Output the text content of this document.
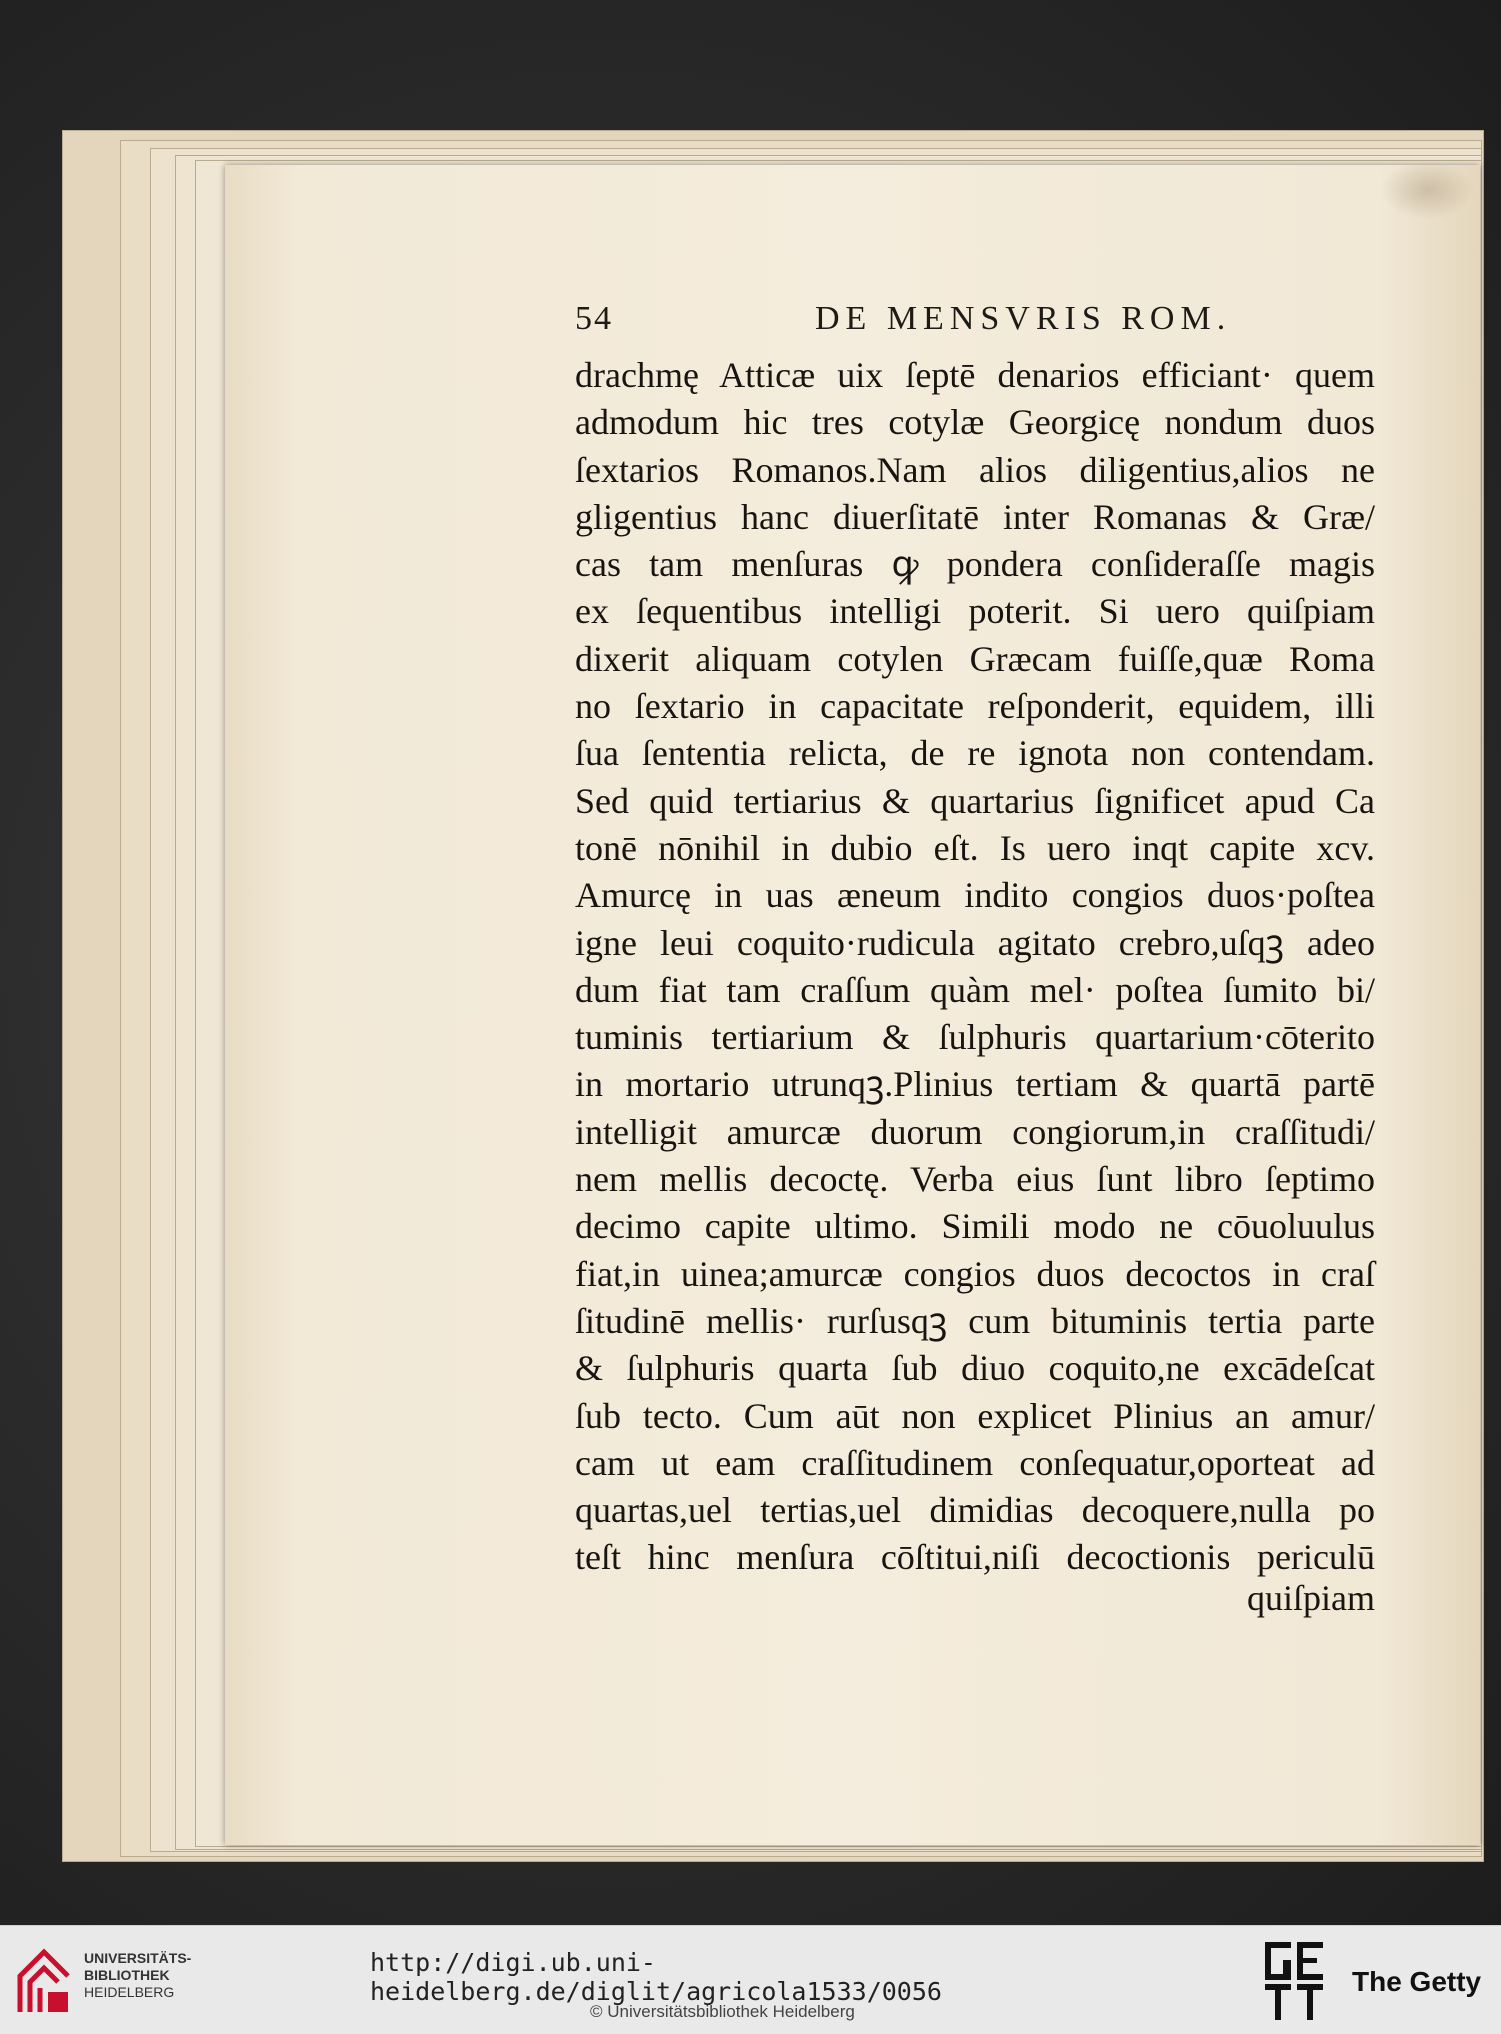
54	DE MENSVRIS ROM.
drachmę Atticæ uix ſeptē denarios efficiant· quem
admodum hic tres cotylæ Georgicę nondum duos
ſextarios Romanos.Nam alios diligentius,alios ne
gligentius hanc diuerſitatē inter Romanas & Græ/
cas tam menſuras ꝙ pondera conſideraſſe magis
ex ſequentibus intelligi poterit. Si uero quiſpiam
dixerit aliquam cotylen Græcam fuiſſe,quæ Roma
no ſextario in capacitate reſponderit, equidem, illi
ſua ſententia relicta, de re ignota non contendam.
Sed quid tertiarius & quartarius ſignificet apud Ca
tonē nōnihil in dubio eſt. Is uero inqt capite xcv.
Amurcę in uas æneum indito congios duos·poſtea
igne leui coquito·rudicula agitato crebro,uſqꝫ adeo
dum fiat tam craſſum quàm mel· poſtea ſumito bi/
tuminis tertiarium & ſulphuris quartarium·cōterito
in mortario utrunqꝫ.Plinius tertiam & quartā partē
intelligit amurcæ duorum congiorum,in craſſitudi/
nem mellis decoctę. Verba eius ſunt libro ſeptimo
decimo capite ultimo. Simili modo ne cōuoluulus
fiat,in uinea;amurcæ congios duos decoctos in craſ
ſitudinē mellis· rurſusqꝫ cum bituminis tertia parte
& ſulphuris quarta ſub diuo coquito,ne excādeſcat
ſub tecto. Cum aūt non explicet Plinius an amur/
cam ut eam craſſitudinem conſequatur,oporteat ad
quartas,uel tertias,uel dimidias decoquere,nulla po
teſt hinc menſura cōſtitui,niſi decoctionis periculū
quiſpiam
UNIVERSITÄTS-
BIBLIOTHEK
HEIDELBERG
http://digi.ub.uni-heidelberg.de/diglit/agricola1533/0056
© Universitätsbibliothek Heidelberg
The Getty
